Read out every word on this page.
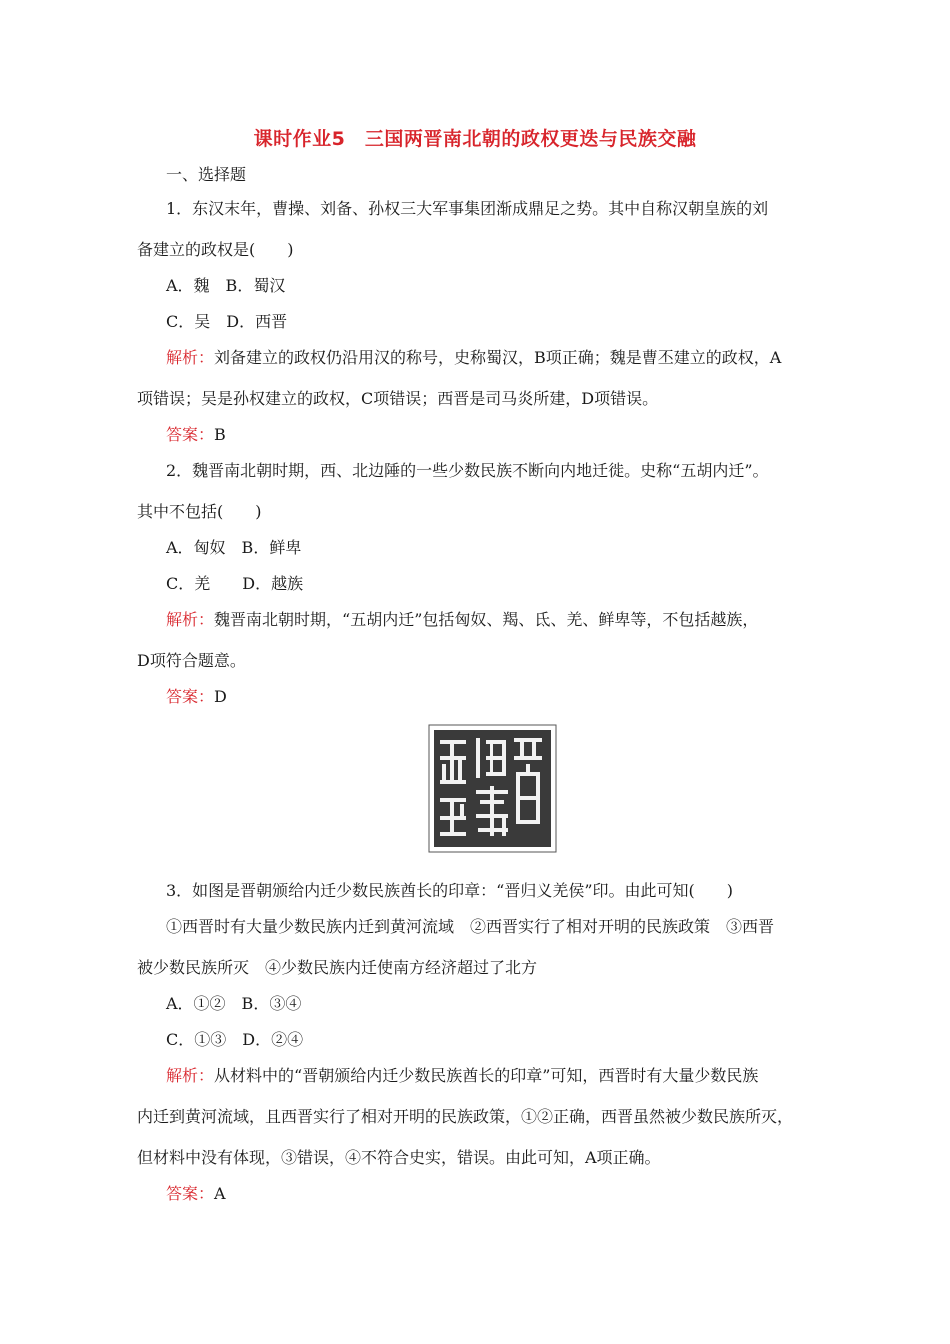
课时作业5　三国两晋南北朝的政权更迭与民族交融
一、选择题
1．东汉末年，曹操、刘备、孙权三大军事集团渐成鼎足之势。其中自称汉朝皇族的刘
备建立的政权是(　　)
A．魏　B．蜀汉
C．吴　D．西晋
解析：刘备建立的政权仍沿用汉的称号，史称蜀汉，B项正确；魏是曹丕建立的政权，A
项错误；吴是孙权建立的政权，C项错误；西晋是司马炎所建，D项错误。
答案：B
2．魏晋南北朝时期，西、北边陲的一些少数民族不断向内地迁徙。史称“五胡内迁”。
其中不包括(　　)
A．匈奴　B．鲜卑
C．羌　　D．越族
解析：魏晋南北朝时期，“五胡内迁”包括匈奴、羯、氐、羌、鲜卑等，不包括越族，
D项符合题意。
答案：D
3．如图是晋朝颁给内迁少数民族酋长的印章：“晋归义羌侯”印。由此可知(　　)
①西晋时有大量少数民族内迁到黄河流域　②西晋实行了相对开明的民族政策　③西晋
被少数民族所灭　④少数民族内迁使南方经济超过了北方
A．①②　B．③④
C．①③　D．②④
解析：从材料中的“晋朝颁给内迁少数民族酋长的印章”可知，西晋时有大量少数民族
内迁到黄河流域，且西晋实行了相对开明的民族政策，①②正确，西晋虽然被少数民族所灭，
但材料中没有体现，③错误，④不符合史实，错误。由此可知，A项正确。
答案：A
